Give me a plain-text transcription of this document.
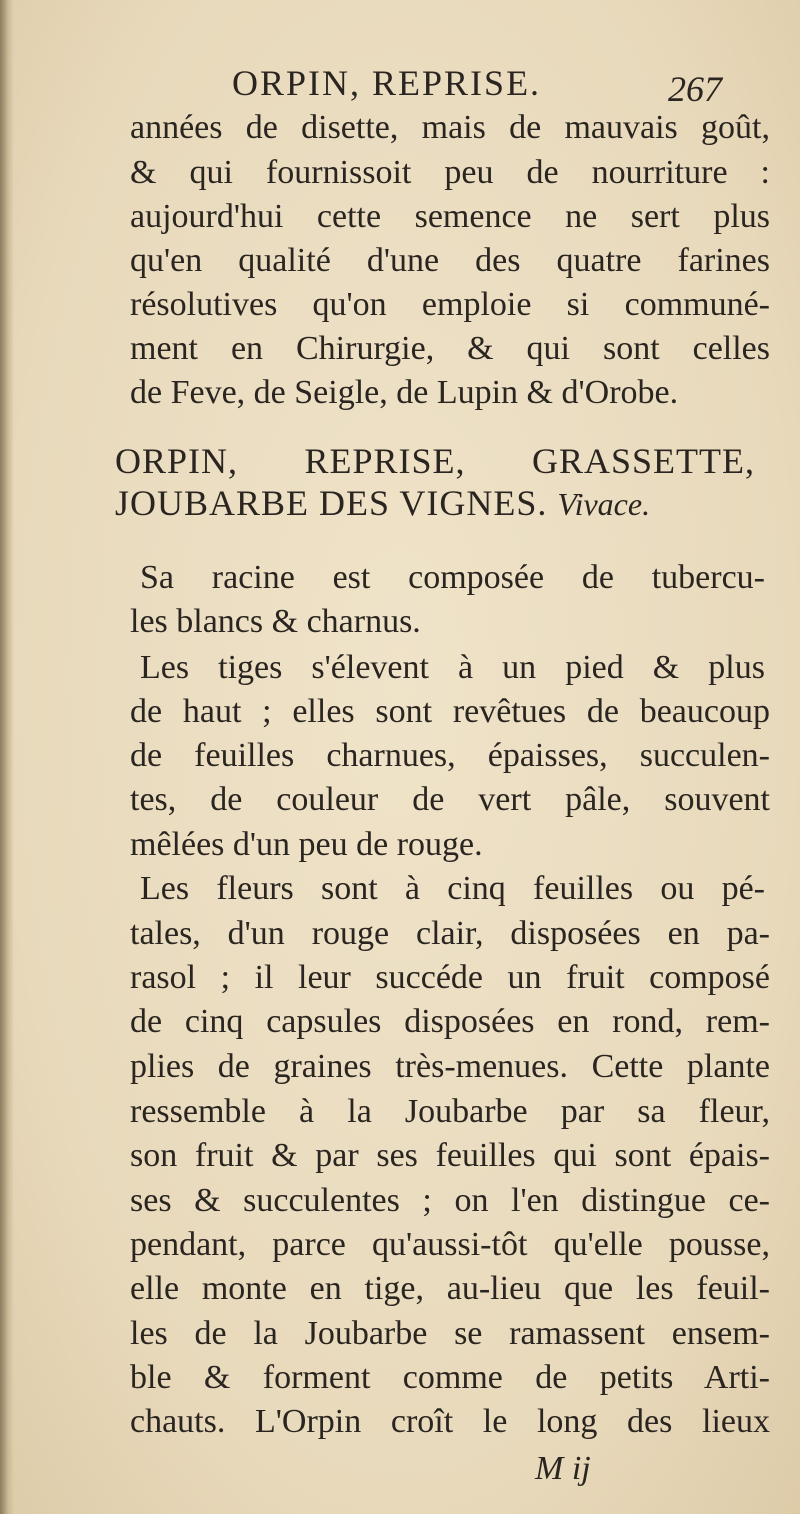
ORPIN, REPRISE.	267
années de disette, mais de mauvais goût,
& qui fournissoit peu de nourriture :
aujourd'hui cette semence ne sert plus
qu'en qualité d'une des quatre farines
résolutives qu'on emploie si communé-
ment en Chirurgie, & qui sont celles
de Feve, de Seigle, de Lupin & d'Orobe.
ORPIN, REPRISE, GRASSETTE,
JOUBARBE DES VIGNES. Vivace.
Sa racine est composée de tubercu-
les blancs & charnus.
Les tiges s'élevent à un pied & plus
de haut ; elles sont revêtues de beaucoup
de feuilles charnues, épaisses, succulen-
tes, de couleur de vert pâle, souvent
mêlées d'un peu de rouge.
Les fleurs sont à cinq feuilles ou pé-
tales, d'un rouge clair, disposées en pa-
rasol ; il leur succéde un fruit composé
de cinq capsules disposées en rond, rem-
plies de graines très-menues. Cette plante
ressemble à la Joubarbe par sa fleur,
son fruit & par ses feuilles qui sont épais-
ses & succulentes ; on l'en distingue ce-
pendant, parce qu'aussi-tôt qu'elle pousse,
elle monte en tige, au-lieu que les feuil-
les de la Joubarbe se ramassent ensem-
ble & forment comme de petits Arti-
chauts. L'Orpin croît le long des lieux
M ij
